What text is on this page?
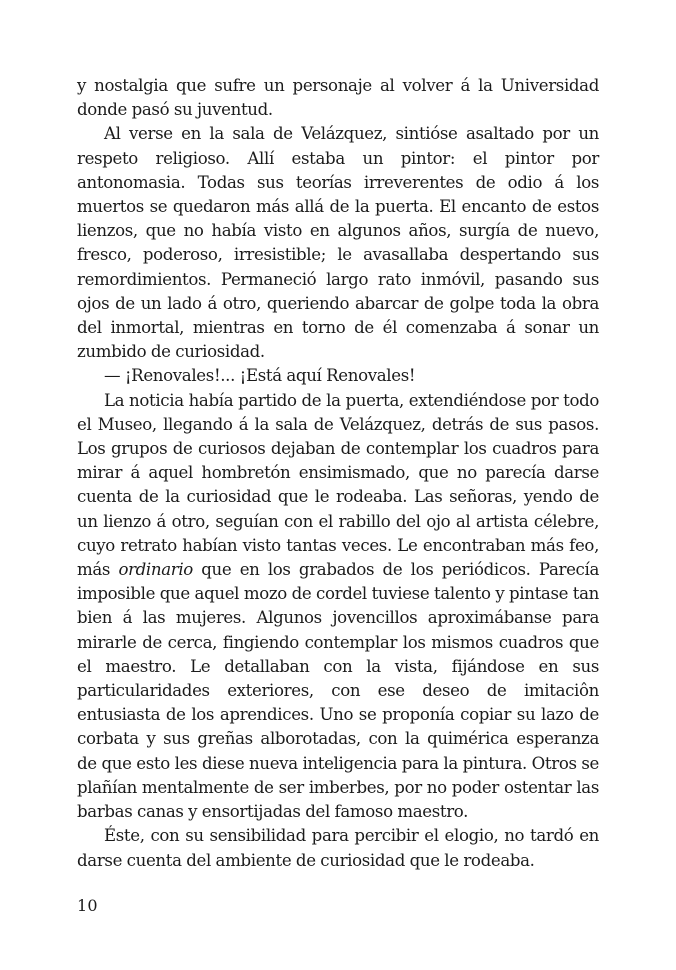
y nostalgia que sufre un personaje al volver á la Universidad donde pasó su juventud.

Al verse en la sala de Velázquez, sintióse asaltado por un respeto religioso. Allí estaba un pintor: el pintor por antonomasia. Todas sus teorías irreverentes de odio á los muertos se quedaron más allá de la puerta. El encanto de estos lienzos, que no había visto en algunos años, surgía de nuevo, fresco, poderoso, irresistible; le avasallaba despertando sus remordimientos. Permaneció largo rato inmóvil, pasando sus ojos de un lado á otro, queriendo abarcar de golpe toda la obra del inmortal, mientras en torno de él comenzaba á sonar un zumbido de curiosidad.

— ¡Renovales!... ¡Está aquí Renovales!

La noticia había partido de la puerta, extendiéndose por todo el Museo, llegando á la sala de Velázquez, detrás de sus pasos. Los grupos de curiosos dejaban de contemplar los cuadros para mirar á aquel hombretón ensimismado, que no parecía darse cuenta de la curiosidad que le rodeaba. Las señoras, yendo de un lienzo á otro, seguían con el rabillo del ojo al artista célebre, cuyo retrato habían visto tantas veces. Le encontraban más feo, más ordinario que en los grabados de los periódicos. Parecía imposible que aquel mozo de cordel tuviese talento y pintase tan bien á las mujeres. Algunos jovencillos aproximábanse para mirarle de cerca, fingiendo contemplar los mismos cuadros que el maestro. Le detallaban con la vista, fijándose en sus particularidades exteriores, con ese deseo de imitaciôn entusiasta de los aprendices. Uno se proponía copiar su lazo de corbata y sus greñas alborotadas, con la quimérica esperanza de que esto les diese nueva inteligencia para la pintura. Otros se plañían mentalmente de ser imberbes, por no poder ostentar las barbas canas y ensortijadas del famoso maestro.

Éste, con su sensibilidad para percibir el elogio, no tardó en darse cuenta del ambiente de curiosidad que le rodeaba.

10
